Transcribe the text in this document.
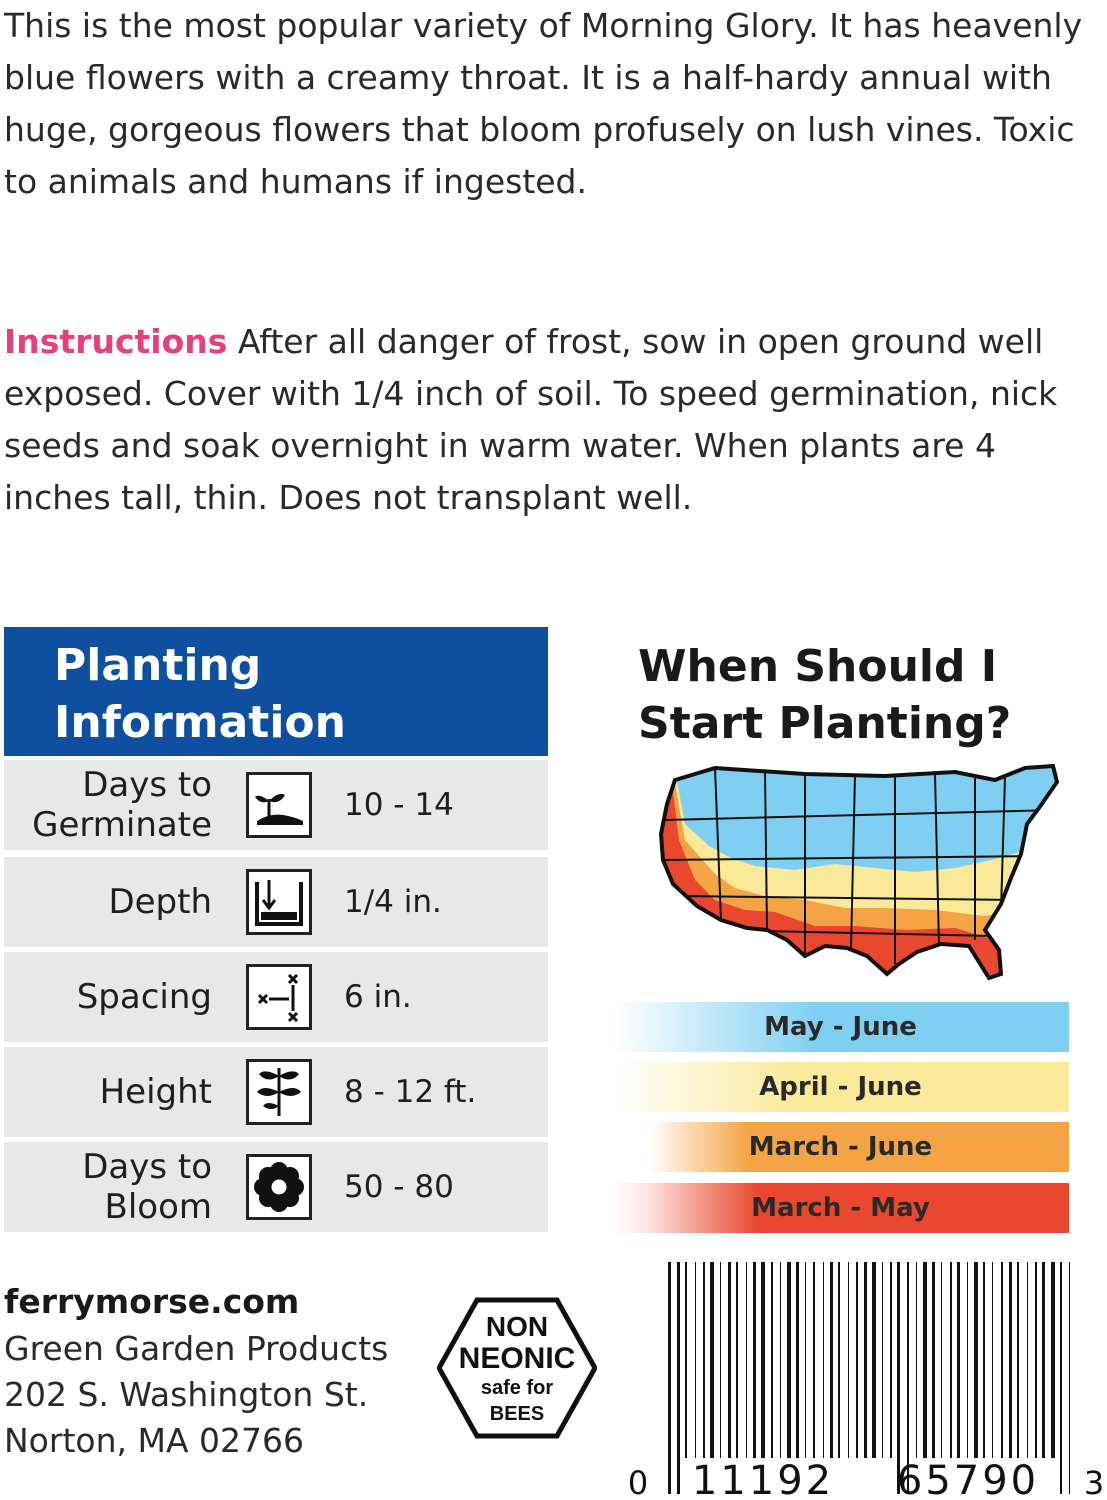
This is the most popular variety of Morning Glory. It has heavenly blue flowers with a creamy throat. It is a half-hardy annual with huge, gorgeous flowers that bloom profusely on lush vines. Toxic to animals and humans if ingested.
Instructions After all danger of frost, sow in open ground well exposed. Cover with 1/4 inch of soil. To speed germination, nick seeds and soak overnight in warm water. When plants are 4 inches tall, thin. Does not transplant well.
Planting
Information
Days to
Germinate	10 - 14
Depth	1/4 in.
Spacing	6 in.
Height	8 - 12 ft.
Days to
Bloom	50 - 80
When Should I
Start Planting?
May - June
April - June
March - June
March - May
ferrymorse.com
Green Garden Products
202 S. Washington St.
Norton, MA 02766
NON
NEONIC
safe for
BEES
0 11192 65790 3
